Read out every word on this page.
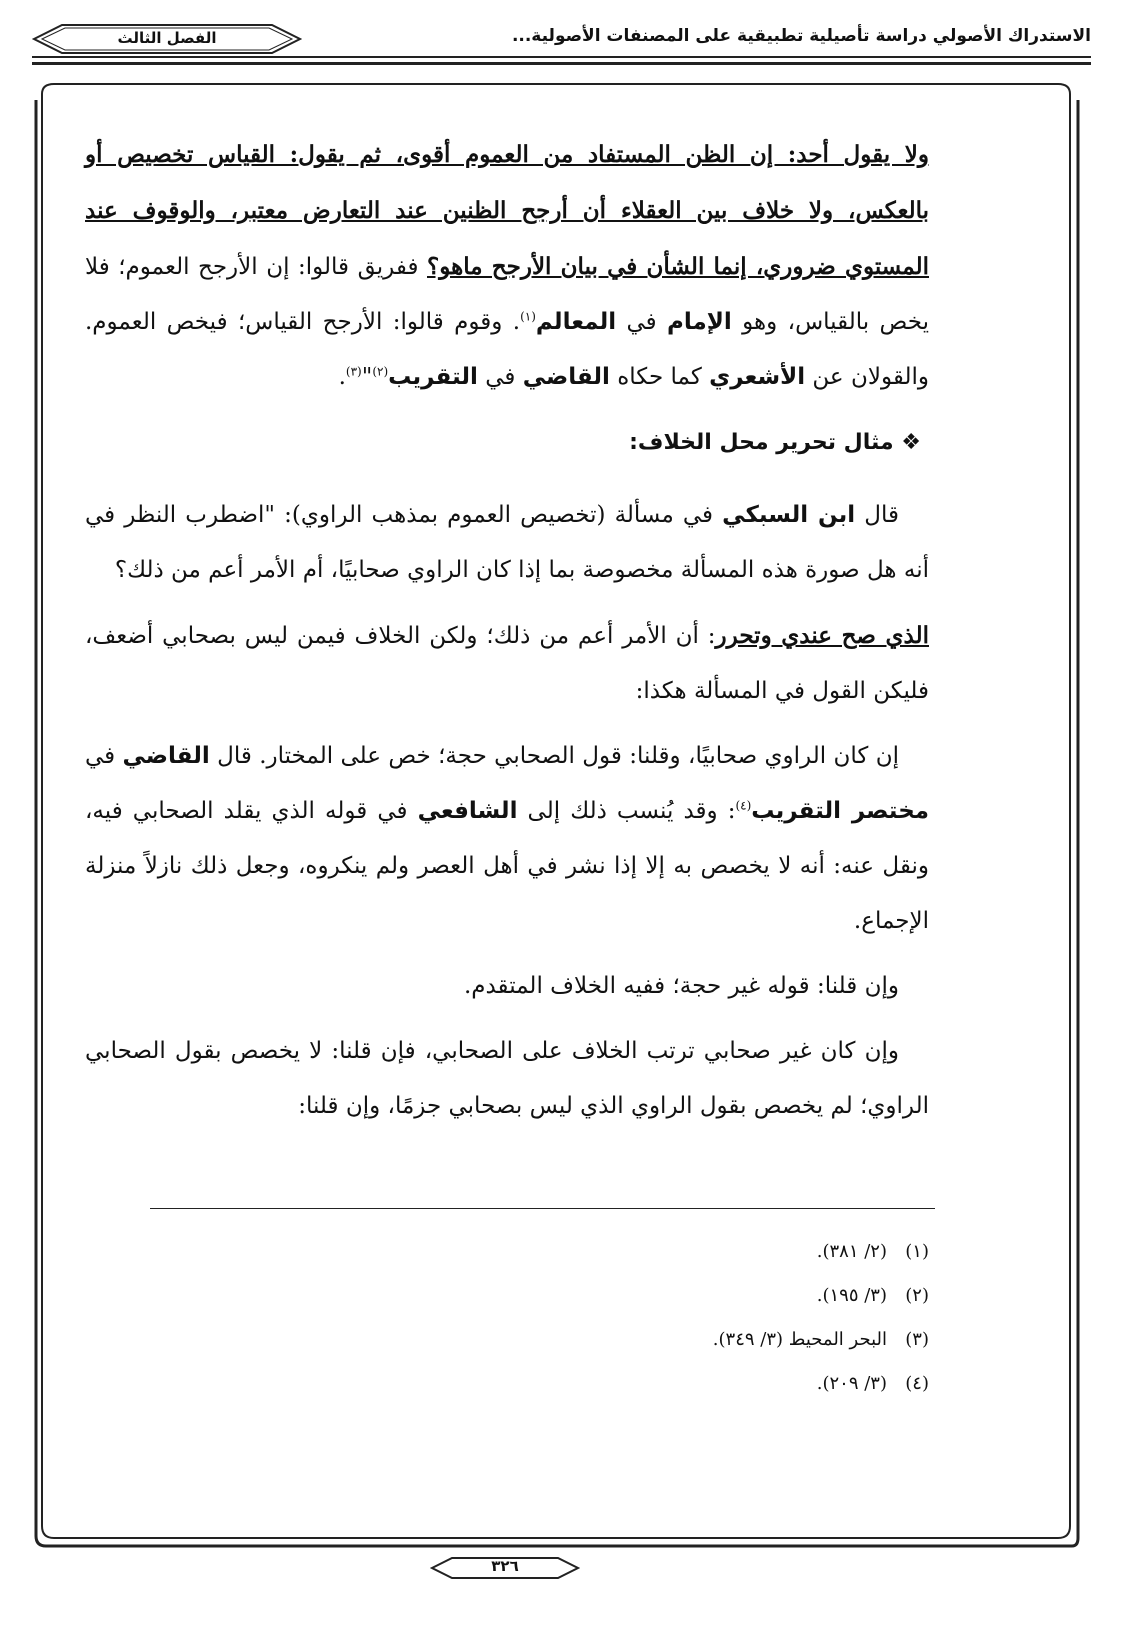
الاستدراك الأصولي دراسة تأصيلية تطبيقية على المصنفات الأصولية...
الفصل الثالث

ولا يقول أحد: إن الظن المستفاد من العموم أقوى، ثم يقول: القياس تخصيص أو بالعكس، ولا خلاف بين العقلاء أن أرجح الظنين عند التعارض معتبر، والوقوف عند المستوي ضروري، إنما الشأن في بيان الأرجح ماهو؟ ففريق قالوا: إن الأرجح العموم؛ فلا يخص بالقياس، وهو الإمام في المعالم$^{(١)}$. وقوم قالوا: الأرجح القياس؛ فيخص العموم. والقولان عن الأشعري كما حكاه القاضي في التقريب$^{(٢)}$"$^{(٣)}$.

❖ مثال تحرير محل الخلاف:

قال ابن السبكي في مسألة (تخصيص العموم بمذهب الراوي): "اضطرب النظر في أنه هل صورة هذه المسألة مخصوصة بما إذا كان الراوي صحابيًا، أم الأمر أعم من ذلك؟

الذي صح عندي وتحرر: أن الأمر أعم من ذلك؛ ولكن الخلاف فيمن ليس بصحابي أضعف، فليكن القول في المسألة هكذا:

إن كان الراوي صحابيًا، وقلنا: قول الصحابي حجة؛ خص على المختار. قال القاضي في مختصر التقريب$^{(٤)}$: وقد يُنسب ذلك إلى الشافعي في قوله الذي يقلد الصحابي فيه، ونقل عنه: أنه لا يخصص به إلا إذا نشر في أهل العصر ولم ينكروه، وجعل ذلك نازلاً منزلة الإجماع.

وإن قلنا: قوله غير حجة؛ ففيه الخلاف المتقدم.

وإن كان غير صحابي ترتب الخلاف على الصحابي، فإن قلنا: لا يخصص بقول الصحابي الراوي؛ لم يخصص بقول الراوي الذي ليس بصحابي جزمًا، وإن قلنا:

(١)(٢/ ٣٨١).
(٢)(٣/ ١٩٥).
(٣)البحر المحيط (٣/ ٣٤٩).
(٤)(٣/ ٢٠٩).
٣٢٦
